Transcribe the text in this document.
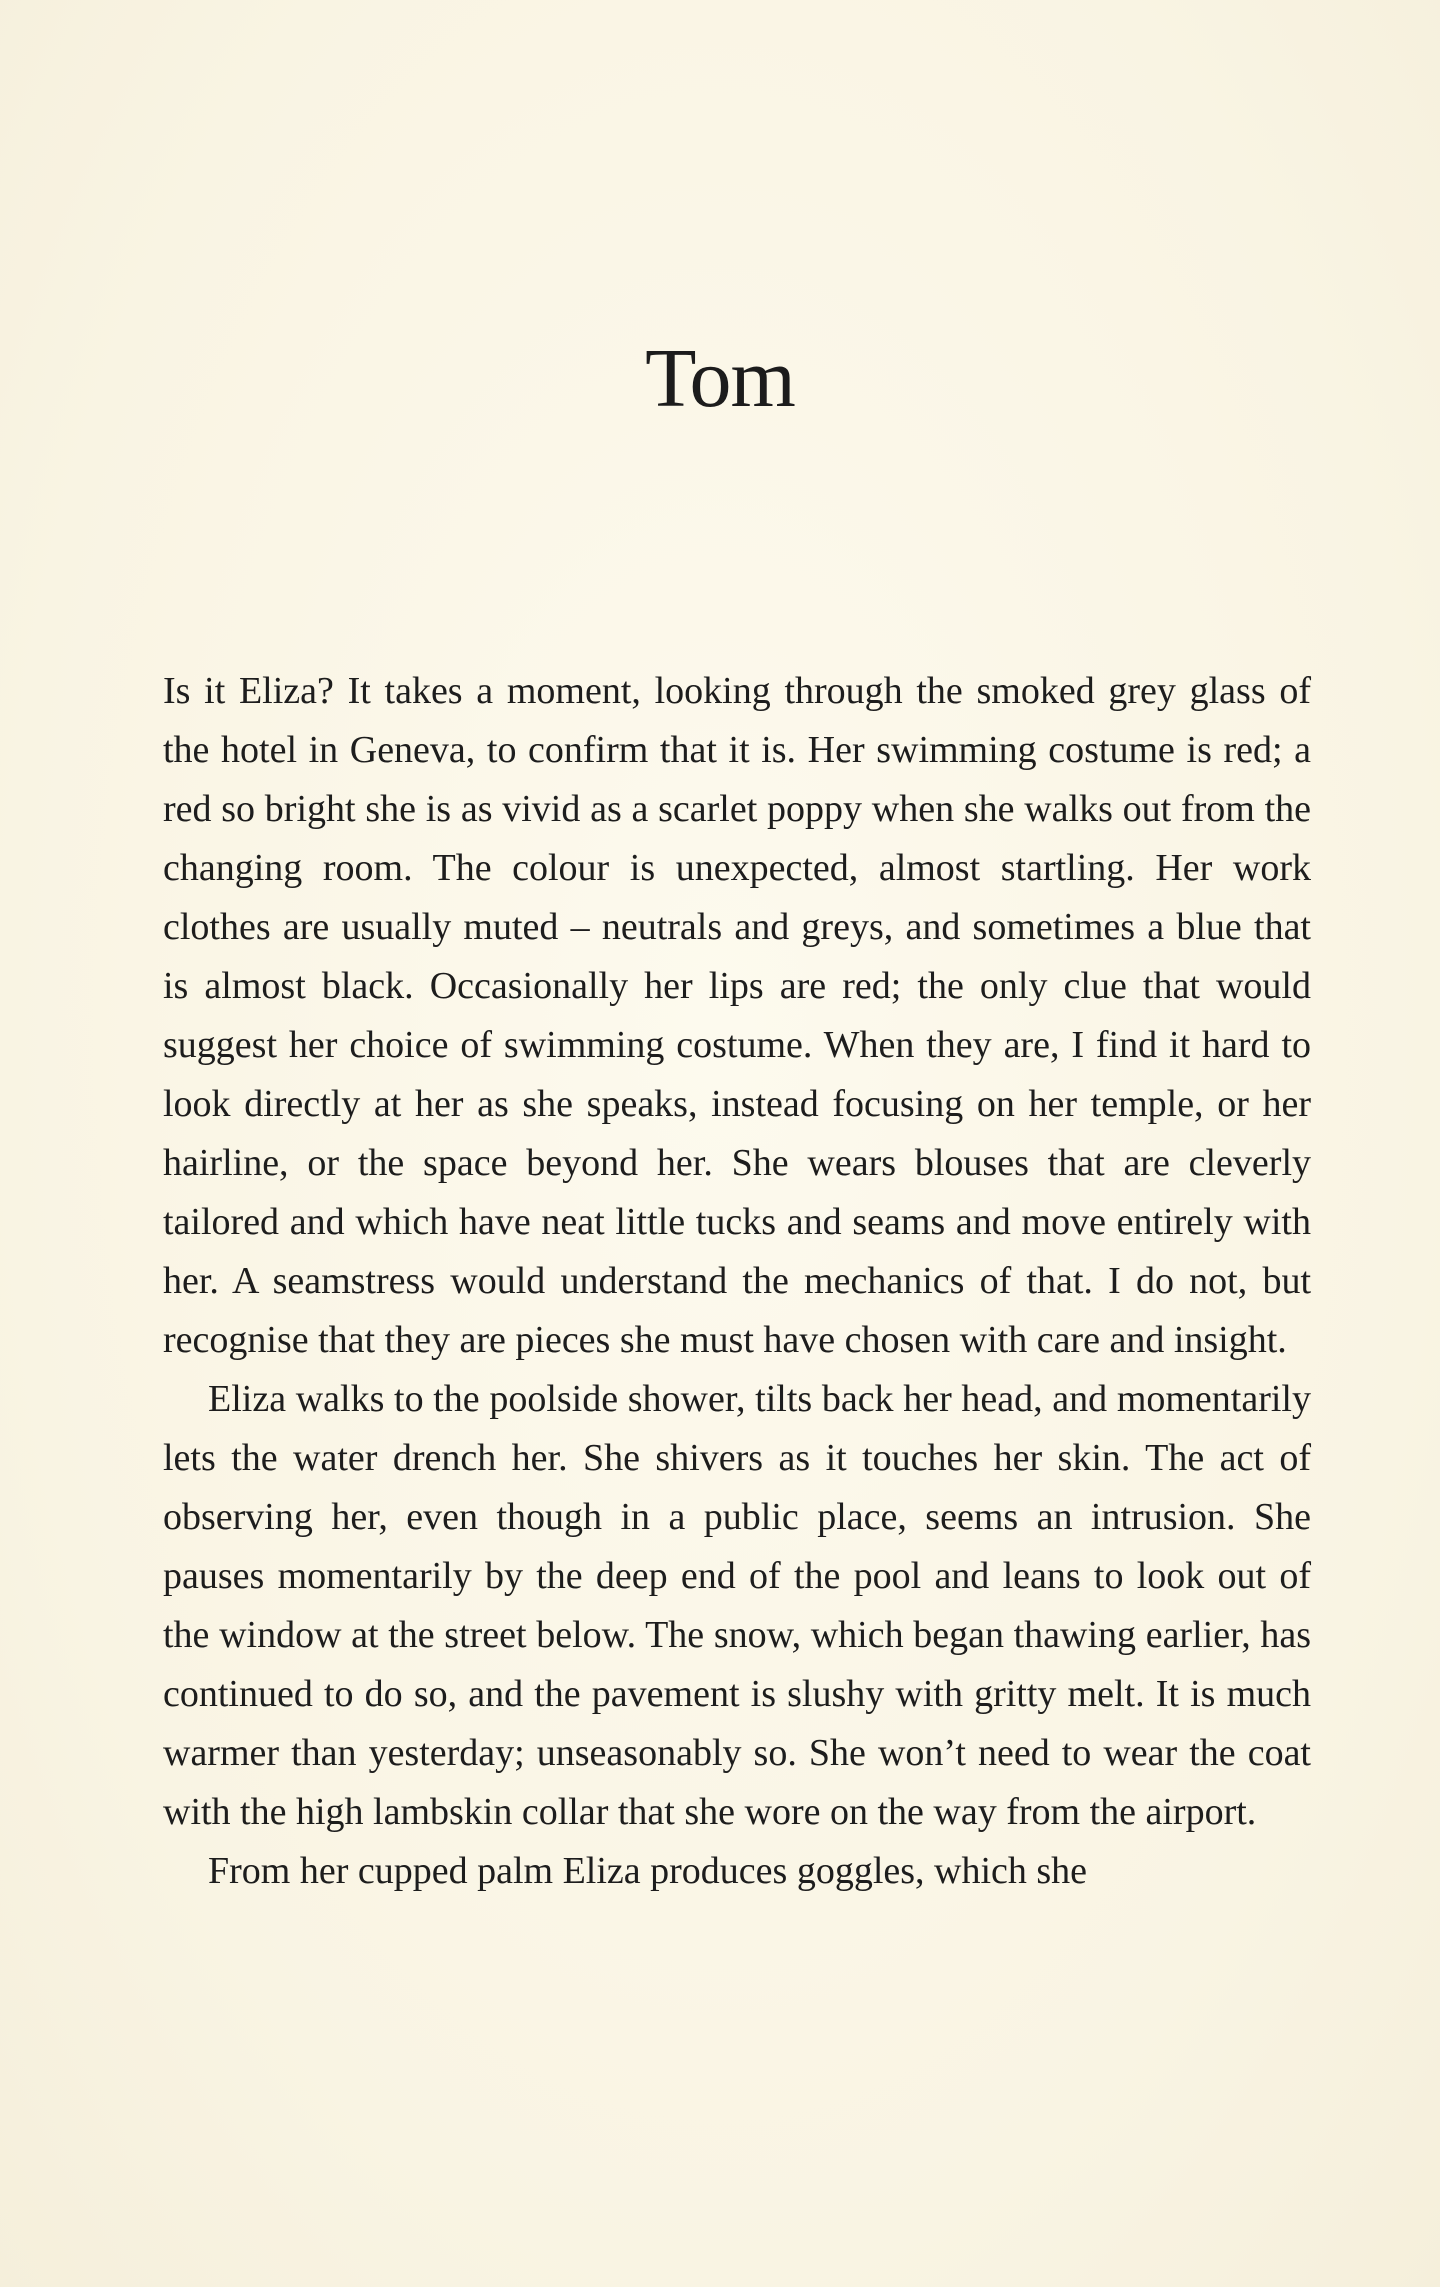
Tom

Is it Eliza? It takes a moment, looking through the smoked grey glass of the hotel in Geneva, to confirm that it is. Her swimming costume is red; a red so bright she is as vivid as a scarlet poppy when she walks out from the changing room. The colour is unexpected, almost startling. Her work clothes are usually muted – neutrals and greys, and sometimes a blue that is almost black. Occasionally her lips are red; the only clue that would suggest her choice of swimming costume. When they are, I find it hard to look directly at her as she speaks, instead focusing on her temple, or her hairline, or the space beyond her. She wears blouses that are cleverly tailored and which have neat little tucks and seams and move entirely with her. A seamstress would understand the mechanics of that. I do not, but recognise that they are pieces she must have chosen with care and insight.

Eliza walks to the poolside shower, tilts back her head, and momentarily lets the water drench her. She shivers as it touches her skin. The act of observing her, even though in a public place, seems an intrusion. She pauses momentarily by the deep end of the pool and leans to look out of the window at the street below. The snow, which began thawing earlier, has continued to do so, and the pavement is slushy with gritty melt. It is much warmer than yesterday; unseasonably so. She won’t need to wear the coat with the high lambskin collar that she wore on the way from the airport.

From her cupped palm Eliza produces goggles, which she
